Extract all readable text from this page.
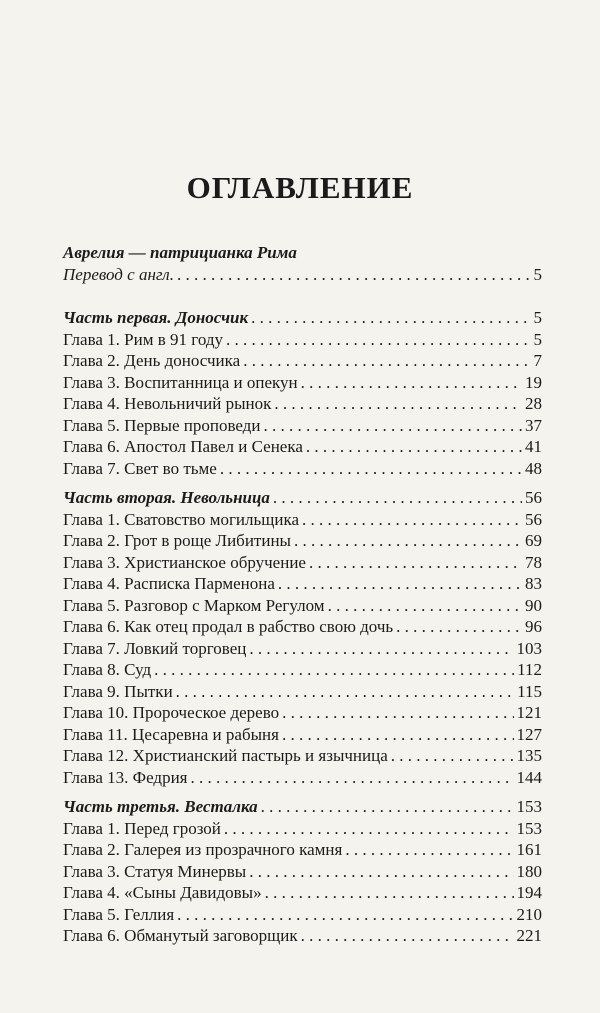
ОГЛАВЛЕНИЕ
Аврелия — патрицианка Рима
Перевод с англ. . . .	5
Часть первая. Доносчик . . .	5
Глава 1. Рим в 91 году . . .	5
Глава 2. День доносчика . . .	7
Глава 3. Воспитанница и опекун . . .	19
Глава 4. Невольничий рынок . . .	28
Глава 5. Первые проповеди . . .	37
Глава 6. Апостол Павел и Сенека . . .	41
Глава 7. Свет во тьме . . .	48
Часть вторая. Невольница . . .	56
Глава 1. Сватовство могильщика . . .	56
Глава 2. Грот в роще Либитины . . .	69
Глава 3. Христианское обручение . . .	78
Глава 4. Расписка Парменона . . .	83
Глава 5. Разговор с Марком Регулом . . .	90
Глава 6. Как отец продал в рабство свою дочь . . .	96
Глава 7. Ловкий торговец . . .	103
Глава 8. Суд . . .	112
Глава 9. Пытки . . .	115
Глава 10. Пророческое дерево . . .	121
Глава 11. Цесаревна и рабыня . . .	127
Глава 12. Христианский пастырь и язычница . . .	135
Глава 13. Федрия . . .	144
Часть третья. Весталка . . .	153
Глава 1. Перед грозой . . .	153
Глава 2. Галерея из прозрачного камня . . .	161
Глава 3. Статуя Минервы . . .	180
Глава 4. «Сыны Давидовы» . . .	194
Глава 5. Геллия . . .	210
Глава 6. Обманутый заговорщик . . .	221
